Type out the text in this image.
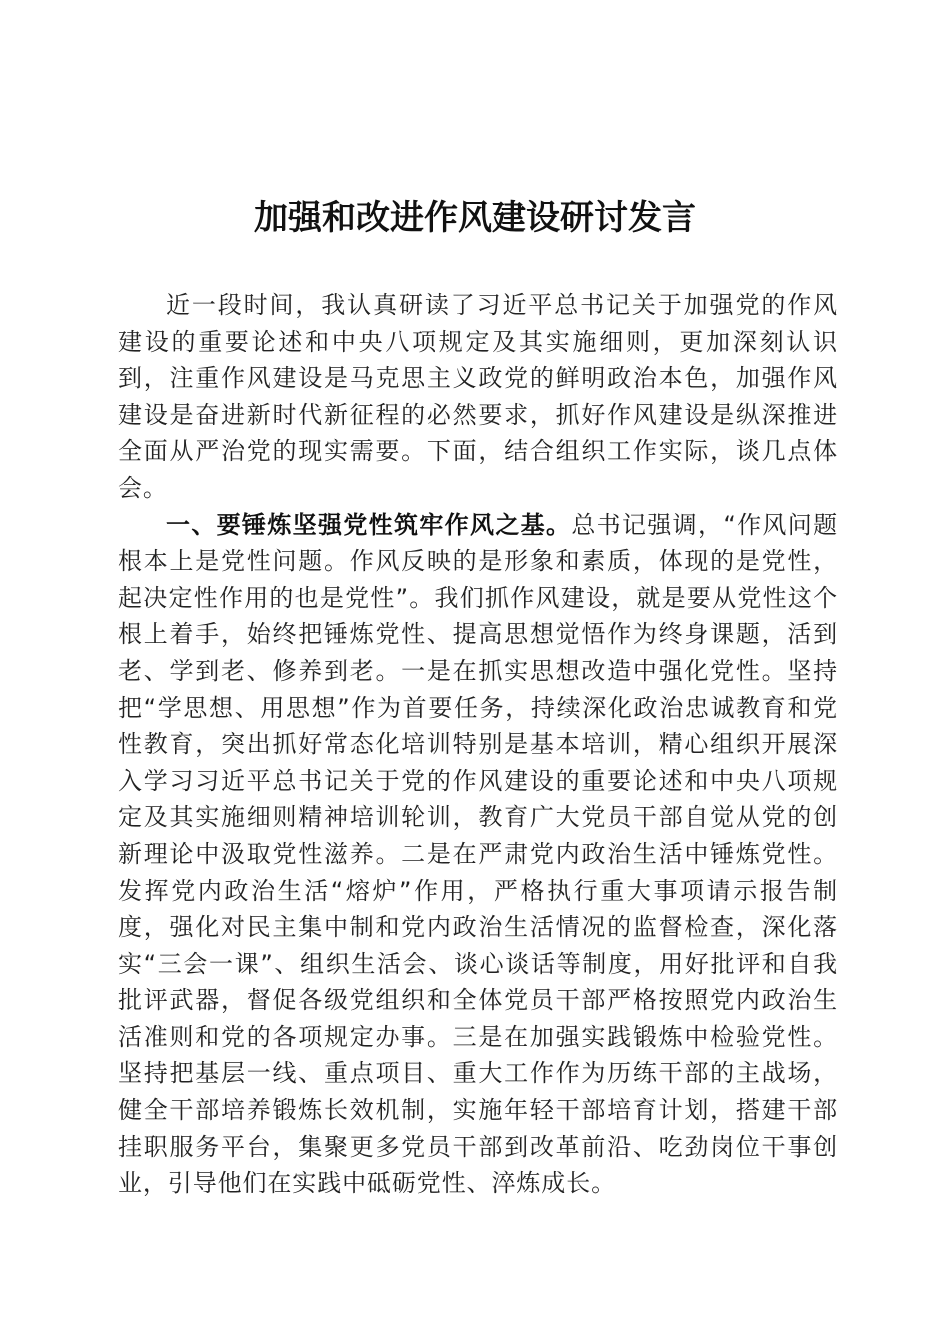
加强和改进作风建设研讨发言

近一段时间，我认真研读了习近平总书记关于加强党的作风建设的重要论述和中央八项规定及其实施细则，更加深刻认识到，注重作风建设是马克思主义政党的鲜明政治本色，加强作风建设是奋进新时代新征程的必然要求，抓好作风建设是纵深推进全面从严治党的现实需要。下面，结合组织工作实际，谈几点体会。

一、要锤炼坚强党性筑牢作风之基。总书记强调，“作风问题根本上是党性问题。作风反映的是形象和素质，体现的是党性，起决定性作用的也是党性”。我们抓作风建设，就是要从党性这个根上着手，始终把锤炼党性、提高思想觉悟作为终身课题，活到老、学到老、修养到老。一是在抓实思想改造中强化党性。坚持把“学思想、用思想”作为首要任务，持续深化政治忠诚教育和党性教育，突出抓好常态化培训特别是基本培训，精心组织开展深入学习习近平总书记关于党的作风建设的重要论述和中央八项规定及其实施细则精神培训轮训，教育广大党员干部自觉从党的创新理论中汲取党性滋养。二是在严肃党内政治生活中锤炼党性。发挥党内政治生活“熔炉”作用，严格执行重大事项请示报告制度，强化对民主集中制和党内政治生活情况的监督检查，深化落实“三会一课”、组织生活会、谈心谈话等制度，用好批评和自我批评武器，督促各级党组织和全体党员干部严格按照党内政治生活准则和党的各项规定办事。三是在加强实践锻炼中检验党性。坚持把基层一线、重点项目、重大工作作为历练干部的主战场，健全干部培养锻炼长效机制，实施年轻干部培育计划，搭建干部挂职服务平台，集聚更多党员干部到改革前沿、吃劲岗位干事创业，引导他们在实践中砥砺党性、淬炼成长。
